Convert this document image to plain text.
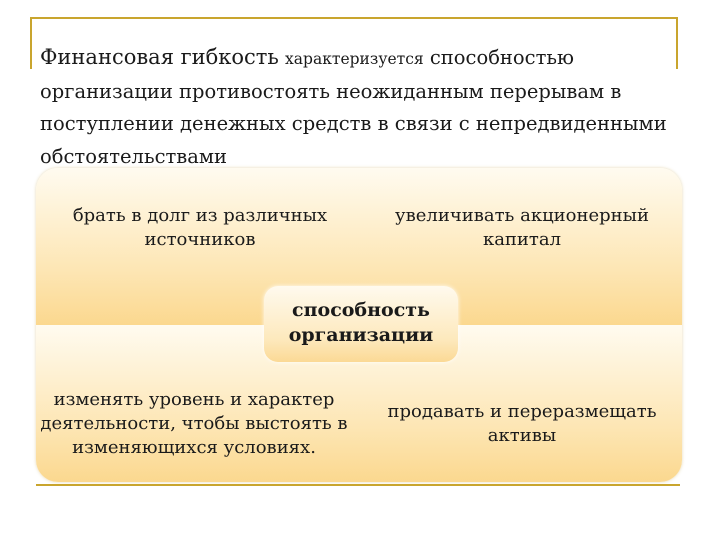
Финансовая гибкость характеризуется способностью организации противостоять неожиданным перерывам в поступлении денежных средств в связи с непредвиденными обстоятельствами
брать в долг из различных источников
увеличивать акционерный капитал
изменять уровень и характер деятельности, чтобы выстоять в изменяющихся условиях.
продавать и переразмещать активы
способность организации
